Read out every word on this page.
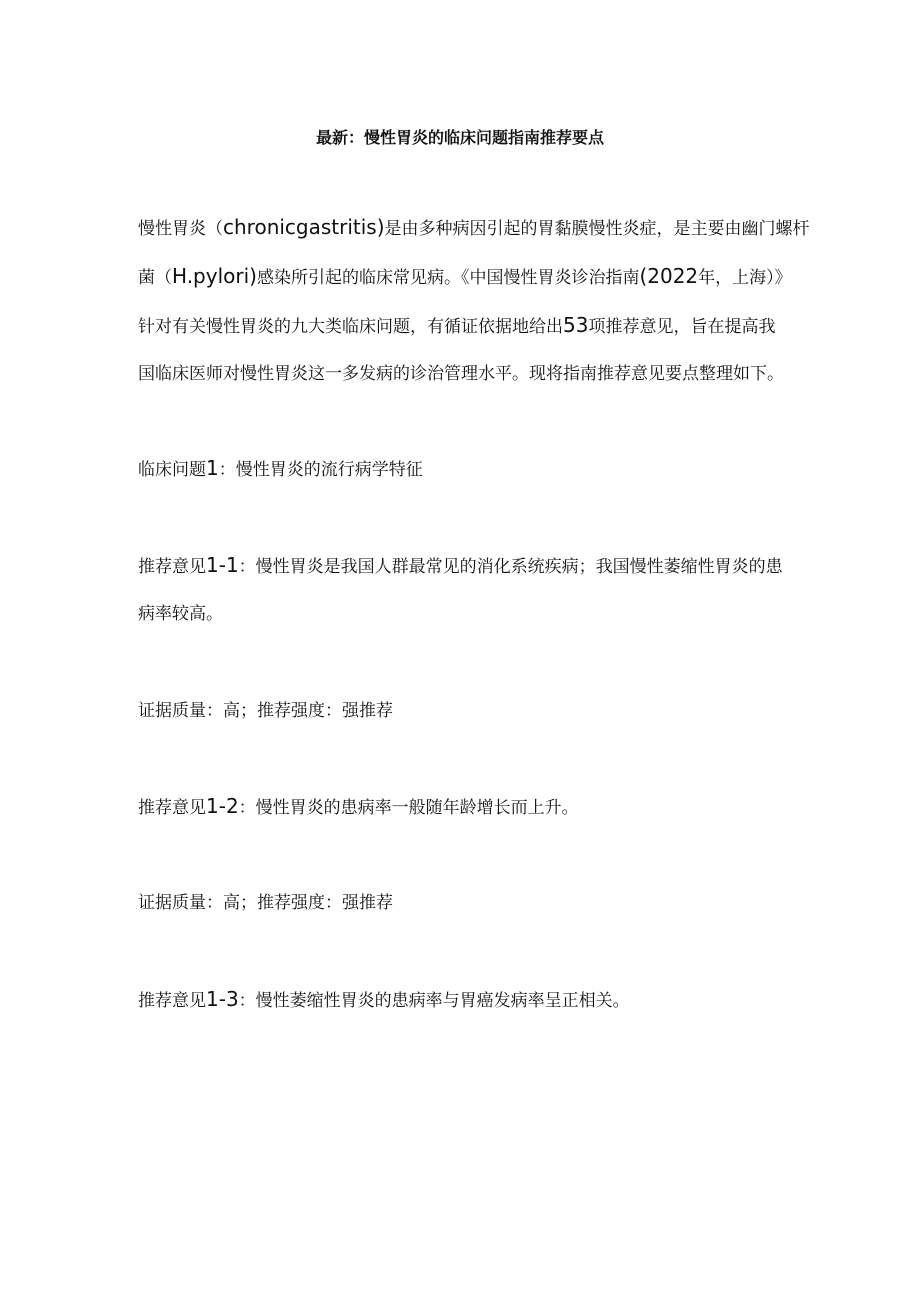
最新：慢性胃炎的临床问题指南推荐要点

慢性胃炎（chronicgastritis)是由多种病因引起的胃黏膜慢性炎症，是主要由幽门螺杆

菌（H.pylori)感染所引起的临床常见病。《中国慢性胃炎诊治指南(2022年，上海）》

针对有关慢性胃炎的九大类临床问题，有循证依据地给出53项推荐意见，旨在提高我

国临床医师对慢性胃炎这一多发病的诊治管理水平。现将指南推荐意见要点整理如下。

临床问题1：慢性胃炎的流行病学特征

推荐意见1-1：慢性胃炎是我国人群最常见的消化系统疾病；我国慢性萎缩性胃炎的患

病率较高。

证据质量：高；推荐强度：强推荐

推荐意见1-2：慢性胃炎的患病率一般随年龄增长而上升。

证据质量：高；推荐强度：强推荐

推荐意见1-3：慢性萎缩性胃炎的患病率与胃癌发病率呈正相关。
